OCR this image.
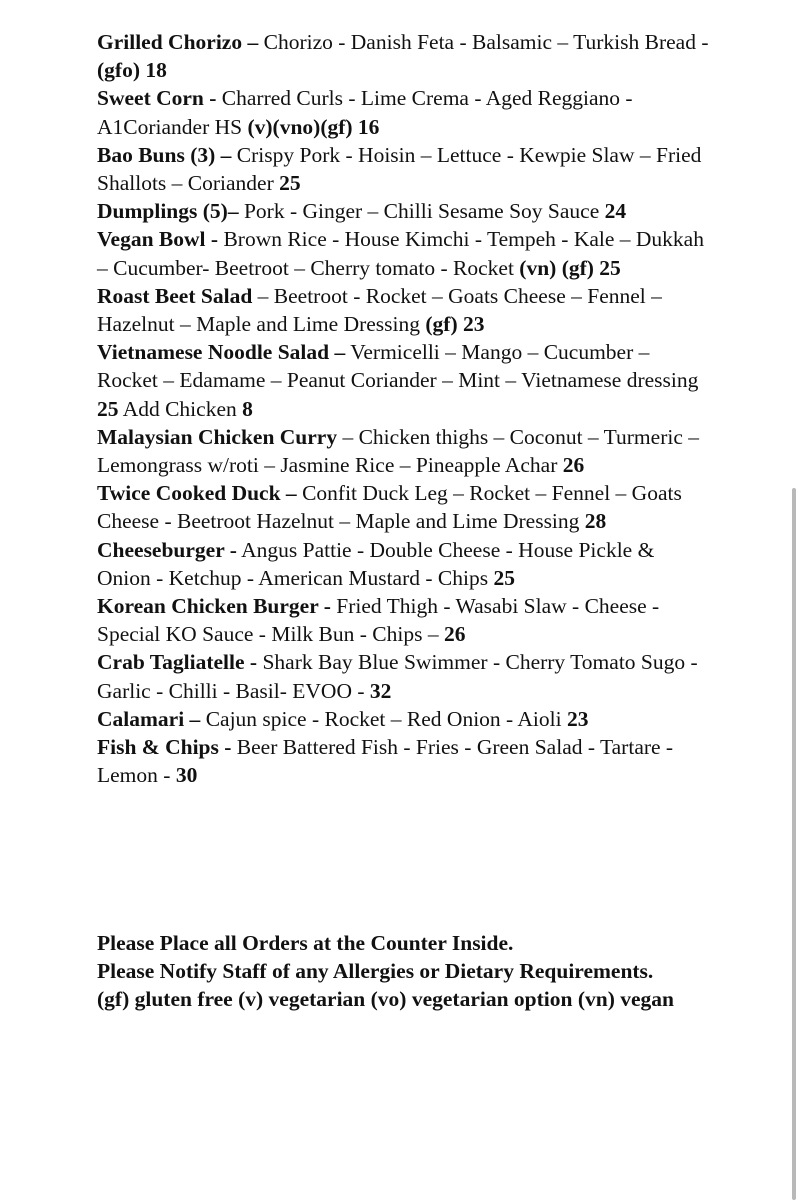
Grilled Chorizo – Chorizo - Danish Feta - Balsamic – Turkish Bread - (gfo) 18

Sweet Corn - Charred Curls - Lime Crema - Aged Reggiano - A1Coriander HS (v)(vno)(gf) 16

Bao Buns (3) – Crispy Pork - Hoisin – Lettuce - Kewpie Slaw – Fried Shallots – Coriander 25

Dumplings (5)– Pork - Ginger – Chilli Sesame Soy Sauce 24

Vegan Bowl - Brown Rice - House Kimchi - Tempeh - Kale – Dukkah – Cucumber- Beetroot – Cherry tomato - Rocket (vn) (gf) 25

Roast Beet Salad – Beetroot - Rocket – Goats Cheese – Fennel – Hazelnut – Maple and Lime Dressing (gf) 23

Vietnamese Noodle Salad – Vermicelli – Mango – Cucumber – Rocket – Edamame – Peanut Coriander – Mint – Vietnamese dressing 25 Add Chicken 8

Malaysian Chicken Curry – Chicken thighs – Coconut – Turmeric – Lemongrass w/roti – Jasmine Rice – Pineapple Achar 26

Twice Cooked Duck – Confit Duck Leg – Rocket – Fennel – Goats Cheese - Beetroot Hazelnut – Maple and Lime Dressing 28

Cheeseburger - Angus Pattie - Double Cheese - House Pickle & Onion - Ketchup - American Mustard - Chips 25

Korean Chicken Burger - Fried Thigh - Wasabi Slaw - Cheese - Special KO Sauce - Milk Bun - Chips – 26

Crab Tagliatelle - Shark Bay Blue Swimmer - Cherry Tomato Sugo - Garlic - Chilli - Basil- EVOO - 32

Calamari – Cajun spice - Rocket – Red Onion - Aioli 23

Fish & Chips - Beer Battered Fish - Fries - Green Salad - Tartare - Lemon - 30

Please Place all Orders at the Counter Inside.

Please Notify Staff of any Allergies or Dietary Requirements.

(gf) gluten free (v) vegetarian (vo) vegetarian option (vn) vegan
